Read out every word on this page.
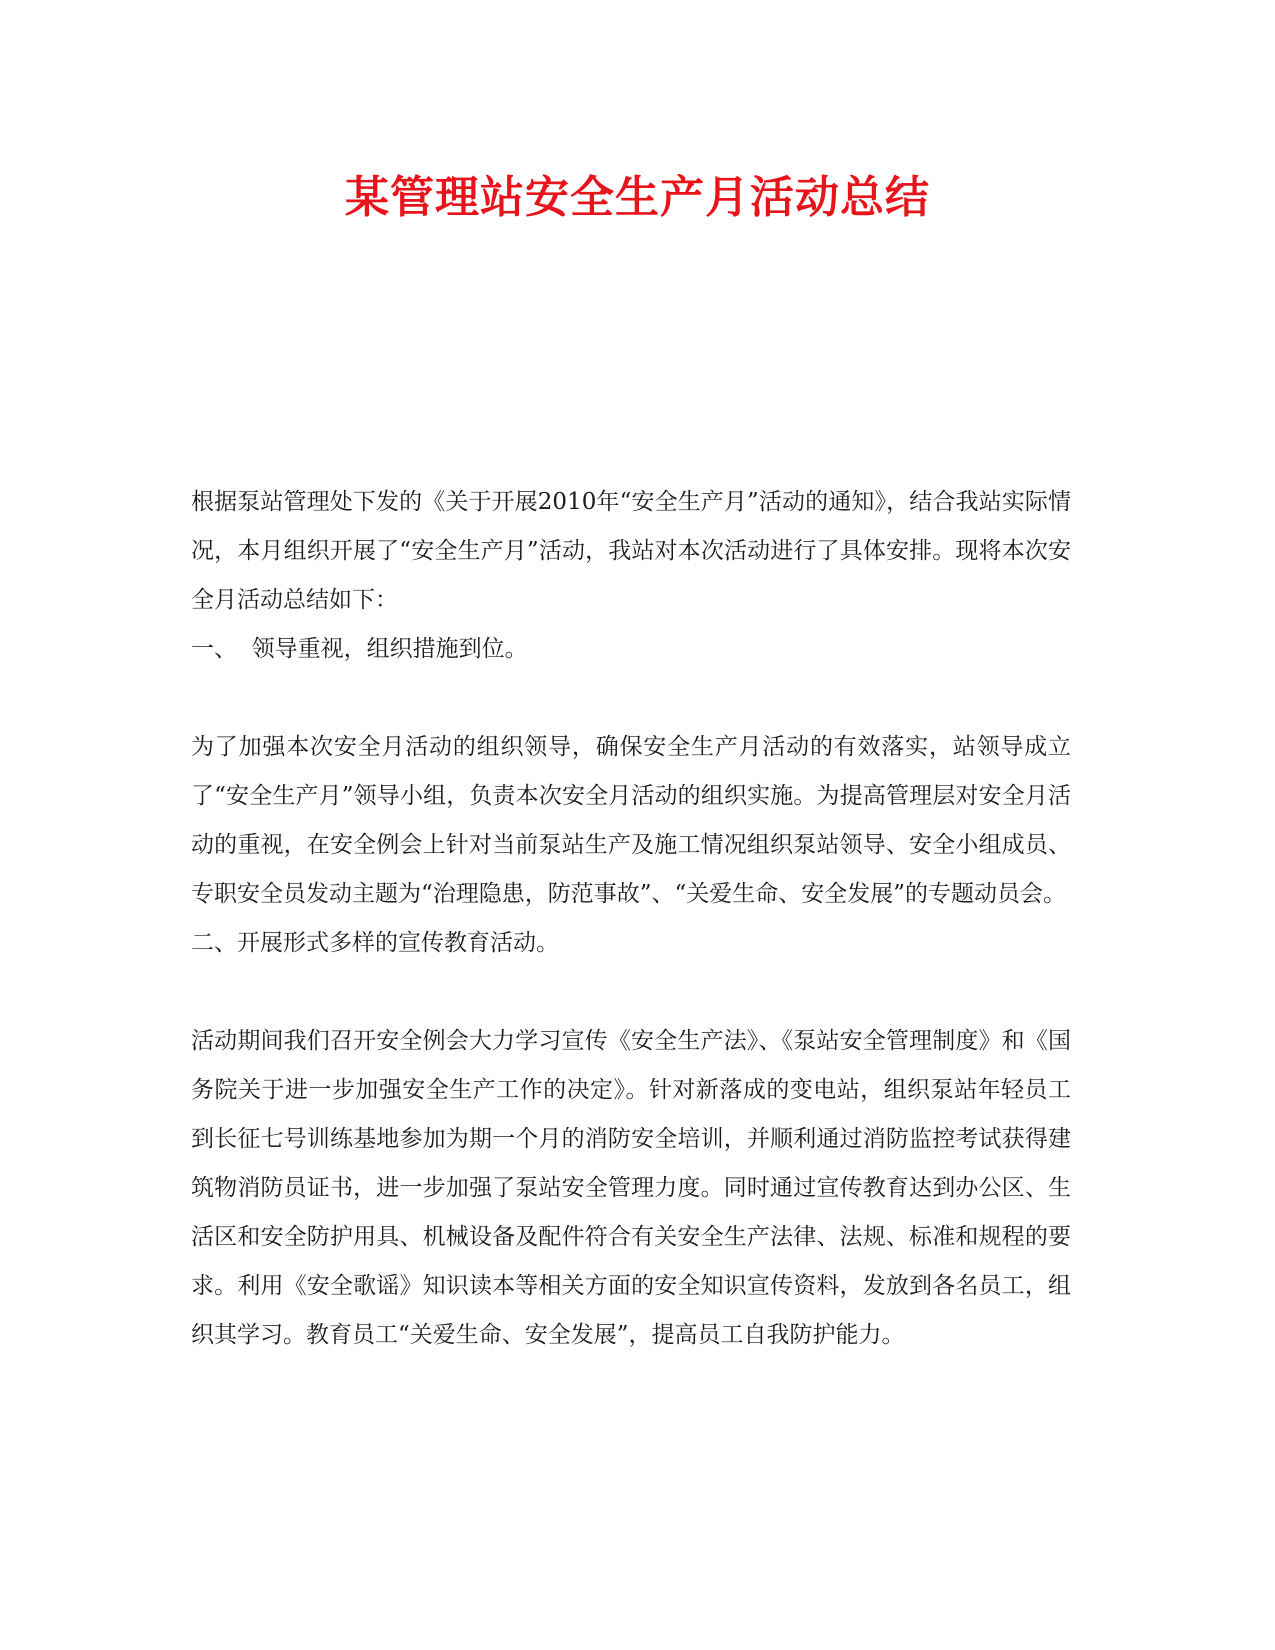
某管理站安全生产月活动总结

根据泵站管理处下发的《关于开展2010年“安全生产月”活动的通知》，结合我站实际情况，本月组织开展了“安全生产月”活动，我站对本次活动进行了具体安排。现将本次安全月活动总结如下：

一、  领导重视，组织措施到位。

为了加强本次安全月活动的组织领导，确保安全生产月活动的有效落实，站领导成立了“安全生产月”领导小组，负责本次安全月活动的组织实施。为提高管理层对安全月活动的重视，在安全例会上针对当前泵站生产及施工情况组织泵站领导、安全小组成员、专职安全员发动主题为“治理隐患，防范事故”、“关爱生命、安全发展”的专题动员会。

二、开展形式多样的宣传教育活动。

活动期间我们召开安全例会大力学习宣传《安全生产法》、《泵站安全管理制度》和《国务院关于进一步加强安全生产工作的决定》。针对新落成的变电站，组织泵站年轻员工到长征七号训练基地参加为期一个月的消防安全培训，并顺利通过消防监控考试获得建筑物消防员证书，进一步加强了泵站安全管理力度。同时通过宣传教育达到办公区、生活区和安全防护用具、机械设备及配件符合有关安全生产法律、法规、标准和规程的要求。利用《安全歌谣》知识读本等相关方面的安全知识宣传资料，发放到各名员工，组织其学习。教育员工“关爱生命、安全发展”，提高员工自我防护能力。
